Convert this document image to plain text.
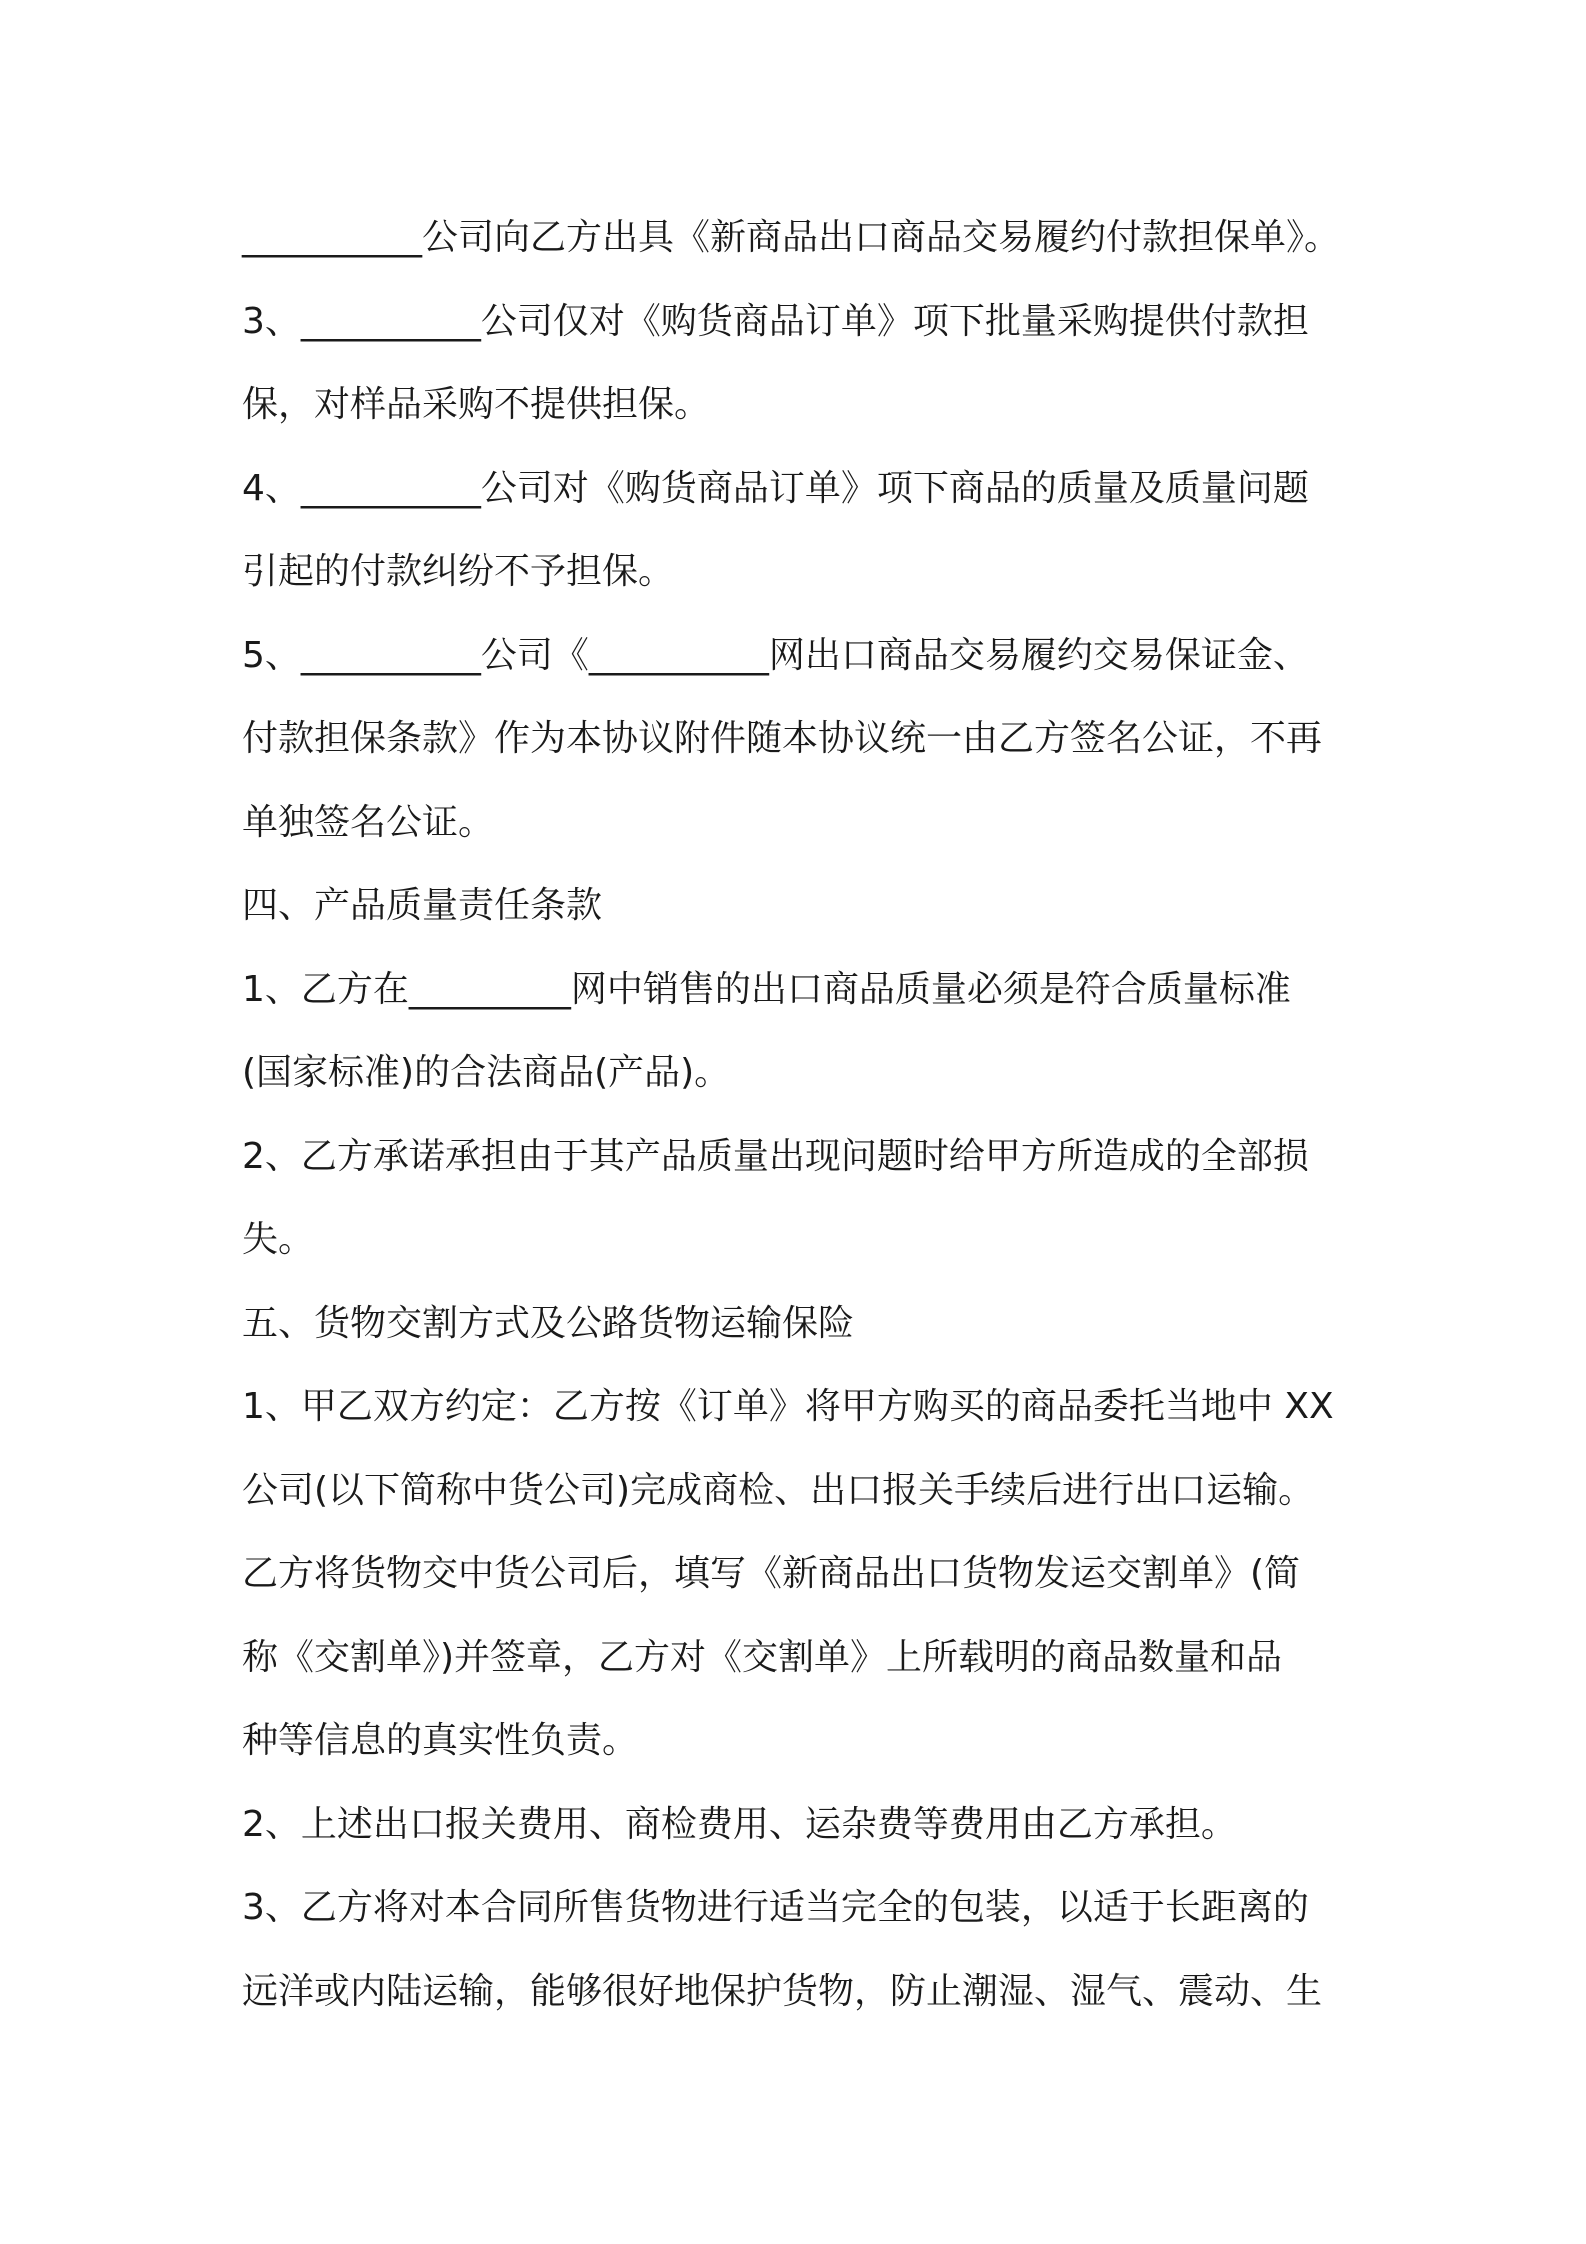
__________公司向乙方出具《新商品出口商品交易履约付款担保单》。
3、__________公司仅对《购货商品订单》项下批量采购提供付款担
保，对样品采购不提供担保。
4、__________公司对《购货商品订单》项下商品的质量及质量问题
引起的付款纠纷不予担保。
5、__________公司《__________网出口商品交易履约交易保证金、
付款担保条款》作为本协议附件随本协议统一由乙方签名公证，不再
单独签名公证。
四、产品质量责任条款
1、乙方在_________网中销售的出口商品质量必须是符合质量标准
(国家标准)的合法商品(产品)。
2、乙方承诺承担由于其产品质量出现问题时给甲方所造成的全部损
失。
五、货物交割方式及公路货物运输保险
1、甲乙双方约定：乙方按《订单》将甲方购买的商品委托当地中 XX
公司(以下简称中货公司)完成商检、出口报关手续后进行出口运输。
乙方将货物交中货公司后，填写《新商品出口货物发运交割单》(简
称《交割单》)并签章，乙方对《交割单》上所载明的商品数量和品
种等信息的真实性负责。
2、上述出口报关费用、商检费用、运杂费等费用由乙方承担。
3、乙方将对本合同所售货物进行适当完全的包装，以适于长距离的
远洋或内陆运输，能够很好地保护货物，防止潮湿、湿气、震动、生
